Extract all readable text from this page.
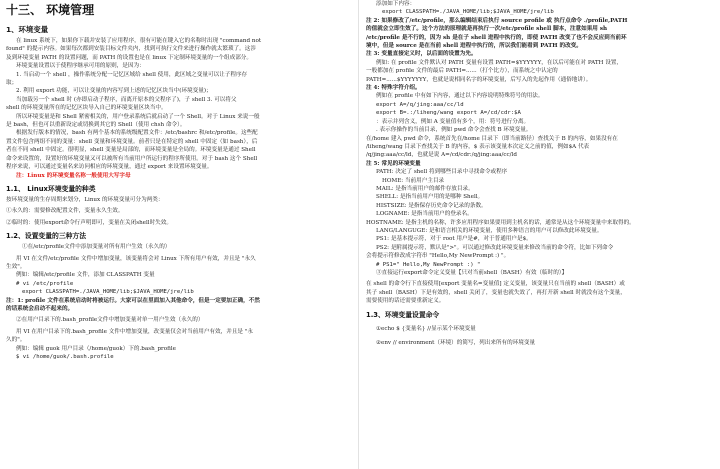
十三、 环境管理
1、环境变量
在 linux 系统下，如果你下载并安装了应用程序，很有可能在键入它的名称时出现 "command not
found" 的提示内容。如果每次都到安装目标文件夹内，找到可执行文件来进行操作就太繁琐了。这涉
及到环境变量 PATH 的设置问题，而 PATH 的设置也是在 linux 下定制环境变量的一个组成部分。
环境变量设置以于使程序继承可用的原则，是因为：
1. 当启动一个 shell ，操作系统分配一记忆区域给 shell 使用，此区域之变量可以让子程序存
取；
2. 利用 export 功能，可以让变量的内容写到上述的记忆区块当中(环境变量)；
当加载另一个 shell 时 (亦即启动子程序，而离开原本的父程序了)，子 shell 3. 可以将父
shell 的环境变量所在的记忆区块导入自己的环境变量区块当中。
所以环境变量是和 Shell 紧密相关的，用户登录系统后就启动了一个 Shell。对于 Linux 来说一般
是 bash，但也可以重新设定或切换到其它的 Shell（使用 chsh 命令）。
根据发行版本的情况，bash 有两个基本的系统级配置文件：/etc/bashrc 和/etc/profile。这些配
置文件包含两组不同的变量：shell 变量和环境变量。前者只是在特定的 shell 中固定（如 bash），后
者在不同 shell 中固定。很明显，shell 变量是局部的，而环境变量是全局的。环境变量是通过 Shell
命令来设置的，设置好的环境变量又可以被所有当前用户所运行的程序所使用。对于 bash 这个 Shell
程序来说，可以通过变量名来访问相应的环境变量，通过 export 来设置环境变量。
注：Linux 的环境变量名称一般使用大写字母
1.1、 Linux环境变量的种类
按环境变量的生存周期来划分，Linux 的环境变量可分为两类：
①永久的：需要修改配置文件，变量永久生效。
②临时的：使用export命令行声明即可，变量在关闭shell时失效。
1.2、设置变量的三种方法
①在/etc/profile文件中添加变量对所有用户生效（永久的）
用 VI 在文件/etc/profile 文件中增加变量，该变量将会对 Linux 下所有用户有效，并且是 "永久
生效"。
例如：编辑/etc/profile 文件，添加 CLASSPATH 变量
# vi /etc/profile
export CLASSPATH=./JAVA_HOME/lib;$JAVA_HOME/jre/lib
注：1: profile 文件在系统启动时将被运行。大家可以在里面加入其他命令，但是一定要加正确，不然
的话系统会启动不起来的。
②在用户目录下的.bash_profile文件中增加变量对单一用户生效（永久的）
用 VI 在用户目录下的.bash_profile 文件中增加变量，改变量仅会对当前用户有效，并且是 "永
久的"。
例如：编辑 guok 用户目录（/home/guok）下的.bash_profile
$ vi /home/guok/.bash.profile
添加如下内容：
export CLASSPATH=./JAVA_HOME/lib;$JAVA_HOME/jre/lib
注 2: 如果修改了/etc/profile，那么编辑结束后执行 source profile 或 执行点命令 ./profile,PATH
的值就会立即生效了。这个方法的原理就是再执行一次/etc/profile shell 脚本，注意如果用 sh
/etc/profile 是不行的，因为 sh 是在子 shell 进程中执行的，即使 PATH 改变了也不会反应到当前环
境中，但是 source 是在当前 shell 进程中执行的，所以我们能看到 PATH 的改变。
注 3: 变量直接定义时，以后面的设置为先。
例如: 在 profile 文件默认对 PATH 变量有设置 PATH=$YYYYYY，在以后可能在对 PATH 设置，
一般都加在 profile 文件的最后 PATH=......（打个比方），而系统之中认定的
PATH=......$YYYYYYY，也就是说相同名字的环境变量，后写入的先起作用（通俗地讲）。
注 4: 特殊字符介绍。
例如在 profile 中有如下内容，通过以下内容说明特殊符号的用法。
export A=/q/jing:aaa/cc/ld
export B=.:/liheng/wang export A=/cd/cdr:$A
：表示并列含义，例如 A 变量值有多个，用：符号进行分离。
. 表示你操作的当前目录，例如 pwd 命令会查找 B 环境变量。
在/home 建入 pwd 命令，系统首先在/home 目录下（即当前路径）查找关于 B 的内容，如果没有在
/liheng/wang 目录下查找关于 B 的内容，$ 表示该变量本次定义之前的值，例如$A 代表
/q/jing:aaa/cc/ld，也就是说 A=/cd/cdr:/q/jing:aaa/cc/ld
注 5: 常见的环境变量
PATH: 决定了 shell 将到哪些目录中寻找命令或程序
HOME: 当前用户主目录
MAIL: 是指当前用户的邮件存放目录。
SHELL: 是指当前用户用的是哪种 Shell。
HISTSIZE: 是指保存历史命令记录的条数。
LOGNAME: 是指当前用户的登录名。
HOSTNAME: 是指主机的名称，许多应用程序如果要用到主机名的话，通常是从这个环境变量中来取得的。
LANG/LANGUGE: 是和语言相关的环境变量，使用多种语言的用户可以修改此环境变量。
PS1: 是基本提示符，对于 root 用户是#，对于普通用户是$。
PS2: 是附属提示符，默认是">"。可以通过修改此环境变量来修改当前的命令符，比如下列命令
会将提示符修改成字符串 "Hello,My NewPrompt :) "。
# PS1=" Hello,My NewPrompt :) "
③直接运行export命令定义变量【只对当前shell（BASH）有效（临时的）】
在 shell 的命令行下直接使用[export 变量名=变量值] 定义变量，该变量只在当前的 shell（BASH）或
其子 shell（BASH）下是有效的，shell 关闭了，变量也就失效了，再打开新 shell 时就没有这个变量，
需要使用的话还需要重新定义。
1.3、环境变量设置命令
①echo $ {变量名} //显示某个环境变量
②env // environment（环境）的简写，列出来所有的环境变量
